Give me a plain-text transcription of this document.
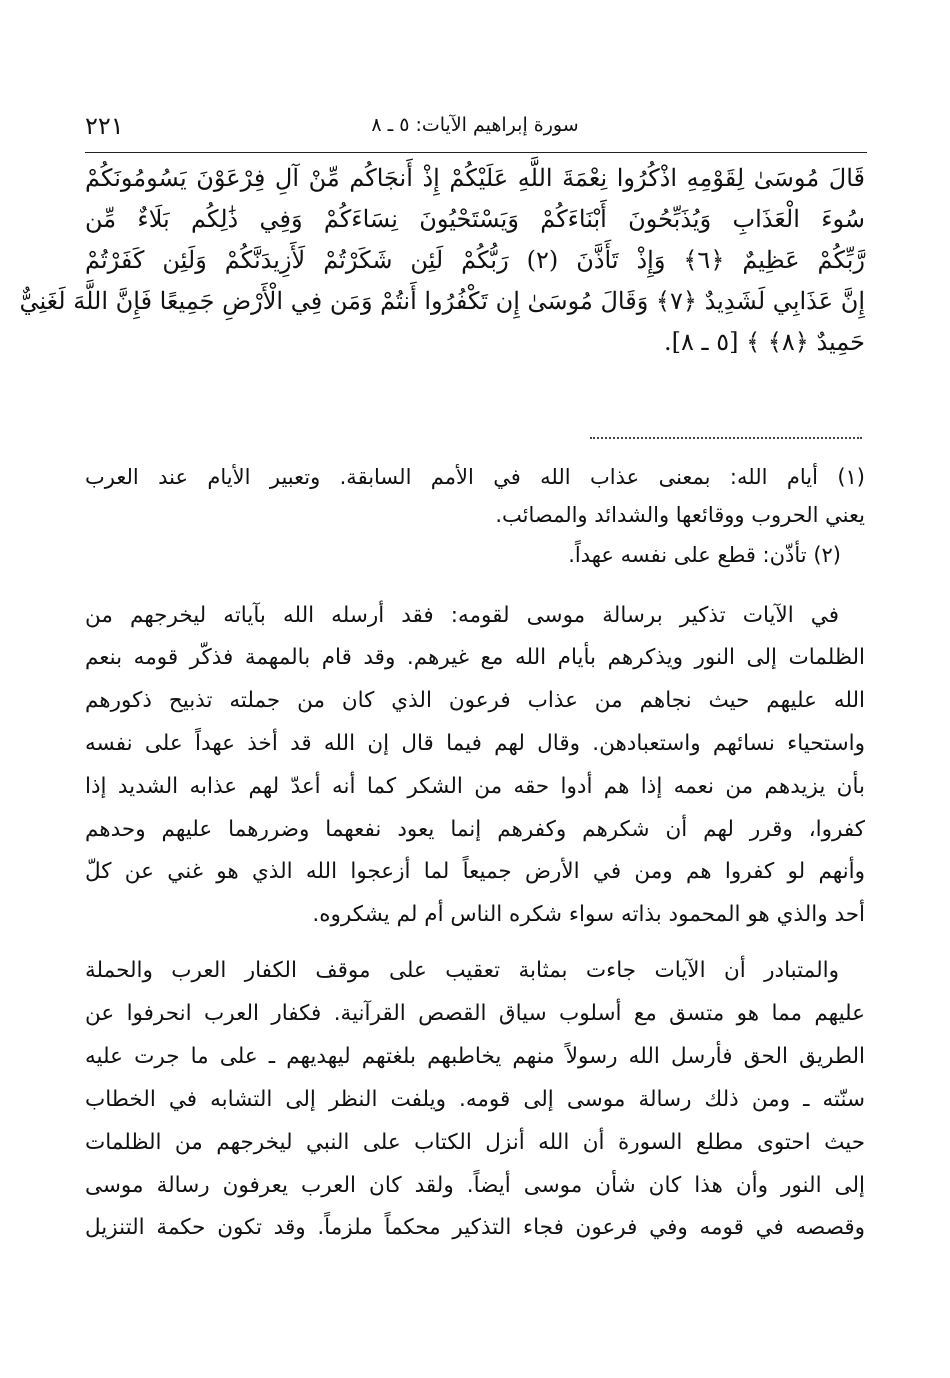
٢٢١	سورة إبراهيم الآيات: ٥ ـ ٨
قَالَ مُوسَىٰ لِقَوْمِهِ اذْكُرُوا نِعْمَةَ اللَّهِ عَلَيْكُمْ إِذْ أَنجَاكُم مِّنْ آلِ فِرْعَوْنَ يَسُومُونَكُمْ
سُوءَ الْعَذَابِ وَيُذَبِّحُونَ أَبْنَاءَكُمْ وَيَسْتَحْيُونَ نِسَاءَكُمْ وَفِي ذَٰلِكُم بَلَاءٌ مِّن
رَّبِّكُمْ عَظِيمٌ ﴿٦﴾ وَإِذْ تَأَذَّنَ (٢) رَبُّكُمْ لَئِن شَكَرْتُمْ لَأَزِيدَنَّكُمْ وَلَئِن كَفَرْتُمْ
إِنَّ عَذَابِي لَشَدِيدٌ ﴿٧﴾ وَقَالَ مُوسَىٰ إِن تَكْفُرُوا أَنتُمْ وَمَن فِي الْأَرْضِ جَمِيعًا فَإِنَّ اللَّهَ لَغَنِيٌّ
حَمِيدٌ ﴿٨﴾ ﴾ [٥ ـ ٨].
(١) أيام الله: بمعنى عذاب الله في الأمم السابقة. وتعبير الأيام عند العرب
يعني الحروب ووقائعها والشدائد والمصائب.
(٢) تأذّن: قطع على نفسه عهداً.
في الآيات تذكير برسالة موسى لقومه: فقد أرسله الله بآياته ليخرجهم من
الظلمات إلى النور ويذكرهم بأيام الله مع غيرهم. وقد قام بالمهمة فذكّر قومه بنعم
الله عليهم حيث نجاهم من عذاب فرعون الذي كان من جملته تذبيح ذكورهم
واستحياء نسائهم واستعبادهن. وقال لهم فيما قال إن الله قد أخذ عهداً على نفسه
بأن يزيدهم من نعمه إذا هم أدوا حقه من الشكر كما أنه أعدّ لهم عذابه الشديد إذا
كفروا، وقرر لهم أن شكرهم وكفرهم إنما يعود نفعهما وضررهما عليهم وحدهم
وأنهم لو كفروا هم ومن في الأرض جميعاً لما أزعجوا الله الذي هو غني عن كلّ
أحد والذي هو المحمود بذاته سواء شكره الناس أم لم يشكروه.
والمتبادر أن الآيات جاءت بمثابة تعقيب على موقف الكفار العرب والحملة
عليهم مما هو متسق مع أسلوب سياق القصص القرآنية. فكفار العرب انحرفوا عن
الطريق الحق فأرسل الله رسولاً منهم يخاطبهم بلغتهم ليهديهم ـ على ما جرت عليه
سنّته ـ ومن ذلك رسالة موسى إلى قومه. ويلفت النظر إلى التشابه في الخطاب
حيث احتوى مطلع السورة أن الله أنزل الكتاب على النبي ليخرجهم من الظلمات
إلى النور وأن هذا كان شأن موسى أيضاً. ولقد كان العرب يعرفون رسالة موسى
وقصصه في قومه وفي فرعون فجاء التذكير محكماً ملزماً. وقد تكون حكمة التنزيل
